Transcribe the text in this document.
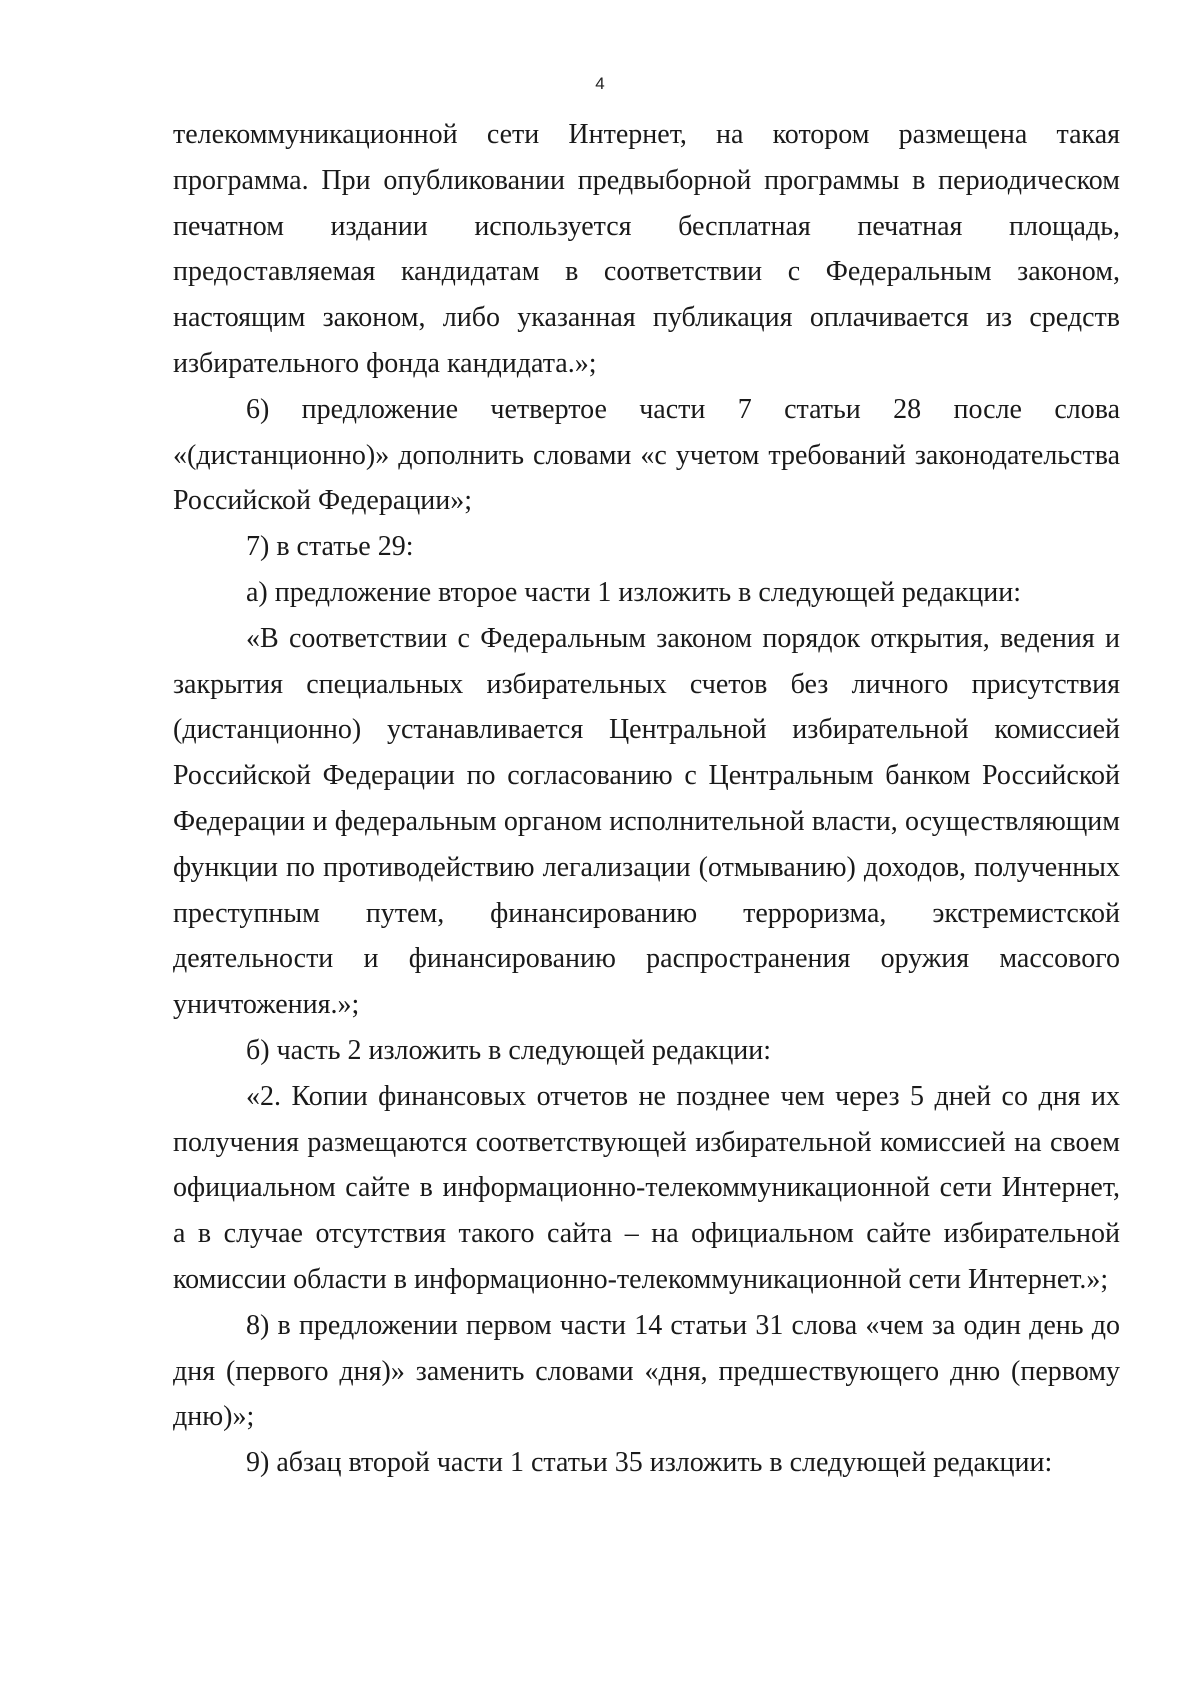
4

телекоммуникационной сети Интернет, на котором размещена такая программа. При опубликовании предвыборной программы в периодическом печатном издании используется бесплатная печатная площадь, предоставляемая кандидатам в соответствии с Федеральным законом, настоящим законом, либо указанная публикация оплачивается из средств избирательного фонда кандидата.»;

6) предложение четвертое части 7 статьи 28 после слова «(дистанционно)» дополнить словами «с учетом требований законодательства Российской Федерации»;

7) в статье 29:

а) предложение второе части 1 изложить в следующей редакции:

«В соответствии с Федеральным законом порядок открытия, ведения и закрытия специальных избирательных счетов без личного присутствия (дистанционно) устанавливается Центральной избирательной комиссией Российской Федерации по согласованию с Центральным банком Российской Федерации и федеральным органом исполнительной власти, осуществляющим функции по противодействию легализации (отмыванию) доходов, полученных преступным путем, финансированию терроризма, экстремистской деятельности и финансированию распространения оружия массового уничтожения.»;

б) часть 2 изложить в следующей редакции:

«2. Копии финансовых отчетов не позднее чем через 5 дней со дня их получения размещаются соответствующей избирательной комиссией на своем официальном сайте в информационно-телекоммуникационной сети Интернет, а в случае отсутствия такого сайта – на официальном сайте избирательной комиссии области в информационно-телекоммуникационной сети Интернет.»;

8) в предложении первом части 14 статьи 31 слова «чем за один день до дня (первого дня)» заменить словами «дня, предшествующего дню (первому дню)»;

9) абзац второй части 1 статьи 35 изложить в следующей редакции:
